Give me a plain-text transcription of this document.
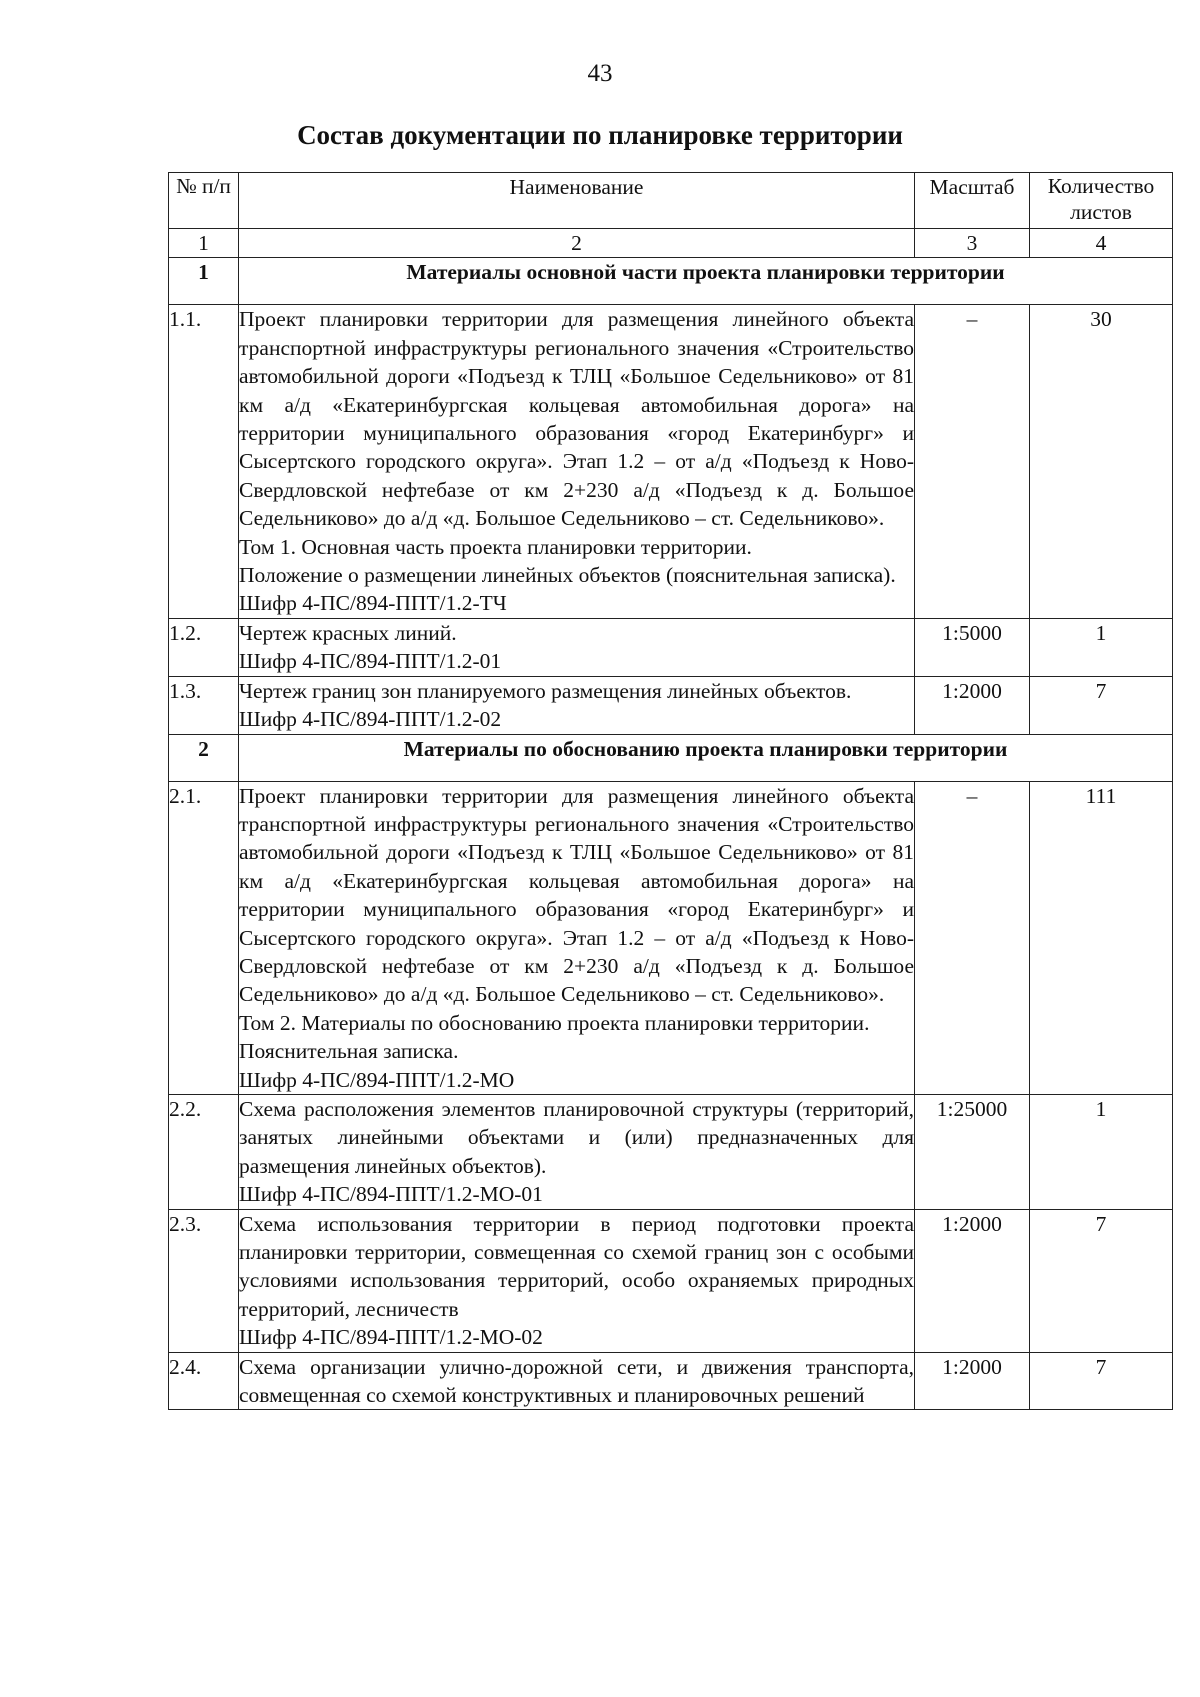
43
Состав документации по планировке территории
№ п/п	Наименование	Масштаб	Количество листов
1	2	3	4
1	Материалы основной части проекта планировки территории		
1.1.	Проект планировки территории для размещения линейного объекта транспортной инфраструктуры регионального значения «Строительство автомобильной дороги «Подъезд к ТЛЦ «Большое Седельниково» от 81 км а/д «Екатеринбургская кольцевая автомобильная дорога» на территории муниципального образования «город Екатеринбург» и Сысертского городского округа». Этап 1.2 – от а/д «Подъезд к Ново-Свердловской нефтебазе от км 2+230 а/д «Подъезд к д. Большое Седельниково» до а/д «д. Большое Седельниково – ст. Седельниково».
Том 1. Основная часть проекта планировки территории.
Положение о размещении линейных объектов (пояснительная записка).
Шифр 4-ПС/894-ППТ/1.2-ТЧ	–	30
1.2.	Чертеж красных линий.
Шифр 4-ПС/894-ППТ/1.2-01	1:5000	1
1.3.	Чертеж границ зон планируемого размещения линейных объектов.
Шифр 4-ПС/894-ППТ/1.2-02	1:2000	7
2	Материалы по обоснованию проекта планировки территории		
2.1.	Проект планировки территории для размещения линейного объекта транспортной инфраструктуры регионального значения «Строительство автомобильной дороги «Подъезд к ТЛЦ «Большое Седельниково» от 81 км а/д «Екатеринбургская кольцевая автомобильная дорога» на территории муниципального образования «город Екатеринбург» и Сысертского городского округа». Этап 1.2 – от а/д «Подъезд к Ново-Свердловской нефтебазе от км 2+230 а/д «Подъезд к д. Большое Седельниково» до а/д «д. Большое Седельниково – ст. Седельниково».
Том 2. Материалы по обоснованию проекта планировки территории. Пояснительная записка.
Шифр 4-ПС/894-ППТ/1.2-МО	–	111
2.2.	Схема расположения элементов планировочной структуры (территорий, занятых линейными объектами и (или) предназначенных для размещения линейных объектов).
Шифр 4-ПС/894-ППТ/1.2-МО-01	1:25000	1
2.3.	Схема использования территории в период подготовки проекта планировки территории, совмещенная со схемой границ зон с особыми условиями использования территорий, особо охраняемых природных территорий, лесничеств
Шифр 4-ПС/894-ППТ/1.2-МО-02	1:2000	7
2.4.	Схема организации улично-дорожной сети, и движения транспорта, совмещенная со схемой конструктивных и планировочных решений	1:2000	7
